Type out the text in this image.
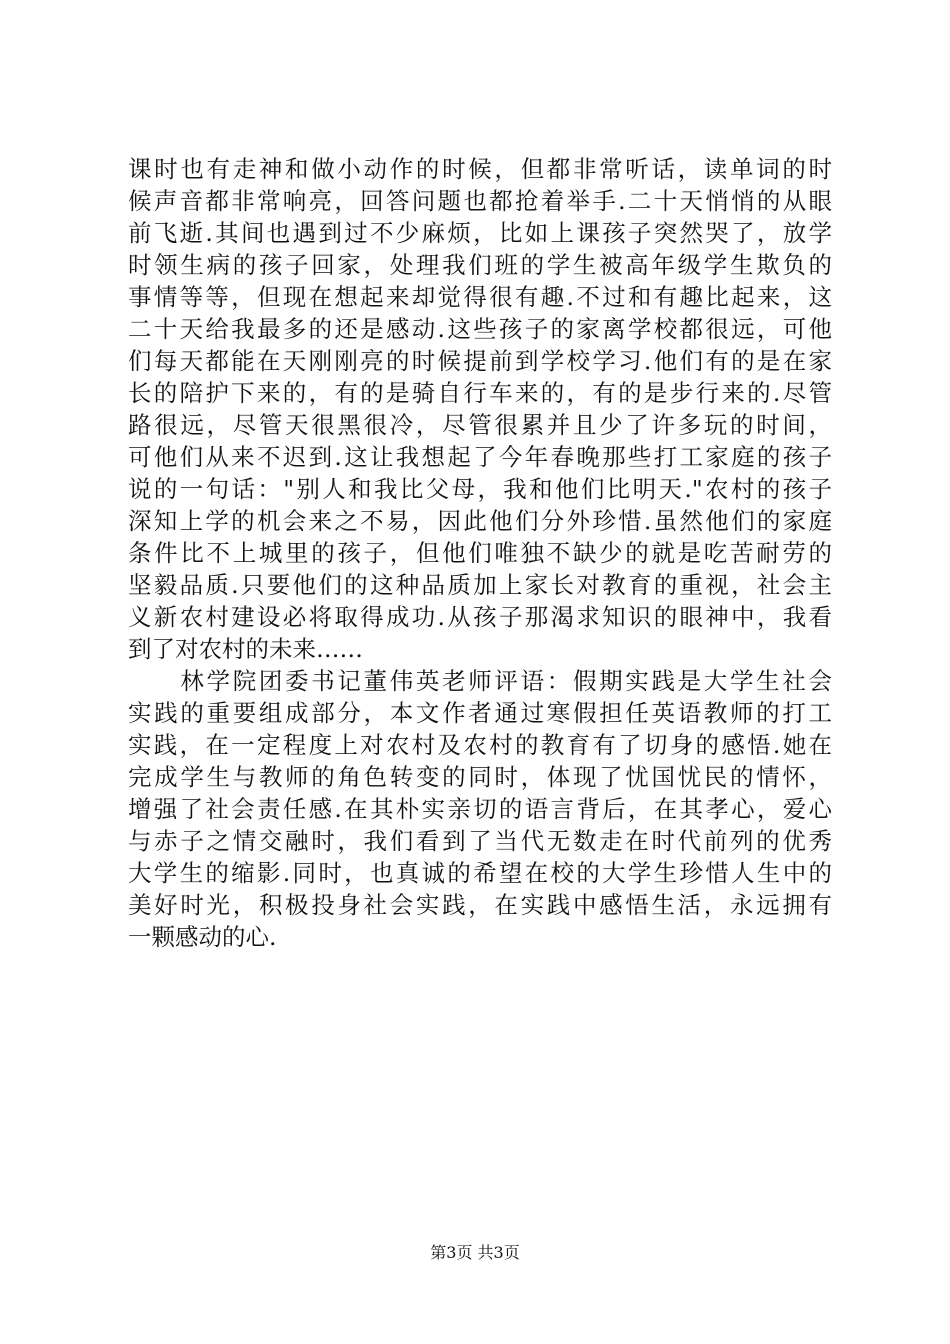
课时也有走神和做小动作的时候，但都非常听话，读单词的时
候声音都非常响亮，回答问题也都抢着举手.二十天悄悄的从眼
前飞逝.其间也遇到过不少麻烦，比如上课孩子突然哭了，放学
时领生病的孩子回家，处理我们班的学生被高年级学生欺负的
事情等等，但现在想起来却觉得很有趣.不过和有趣比起来，这
二十天给我最多的还是感动.这些孩子的家离学校都很远，可他
们每天都能在天刚刚亮的时候提前到学校学习.他们有的是在家
长的陪护下来的，有的是骑自行车来的，有的是步行来的.尽管
路很远，尽管天很黑很冷，尽管很累并且少了许多玩的时间，
可他们从来不迟到.这让我想起了今年春晚那些打工家庭的孩子
说的一句话："别人和我比父母，我和他们比明天."农村的孩子
深知上学的机会来之不易，因此他们分外珍惜.虽然他们的家庭
条件比不上城里的孩子，但他们唯独不缺少的就是吃苦耐劳的
坚毅品质.只要他们的这种品质加上家长对教育的重视，社会主
义新农村建设必将取得成功.从孩子那渴求知识的眼神中，我看
到了对农村的未来……
　　林学院团委书记董伟英老师评语：假期实践是大学生社会
实践的重要组成部分，本文作者通过寒假担任英语教师的打工
实践，在一定程度上对农村及农村的教育有了切身的感悟.她在
完成学生与教师的角色转变的同时，体现了忧国忧民的情怀，
增强了社会责任感.在其朴实亲切的语言背后，在其孝心，爱心
与赤子之情交融时，我们看到了当代无数走在时代前列的优秀
大学生的缩影.同时，也真诚的希望在校的大学生珍惜人生中的
美好时光，积极投身社会实践，在实践中感悟生活，永远拥有
一颗感动的心.
第3页 共3页
